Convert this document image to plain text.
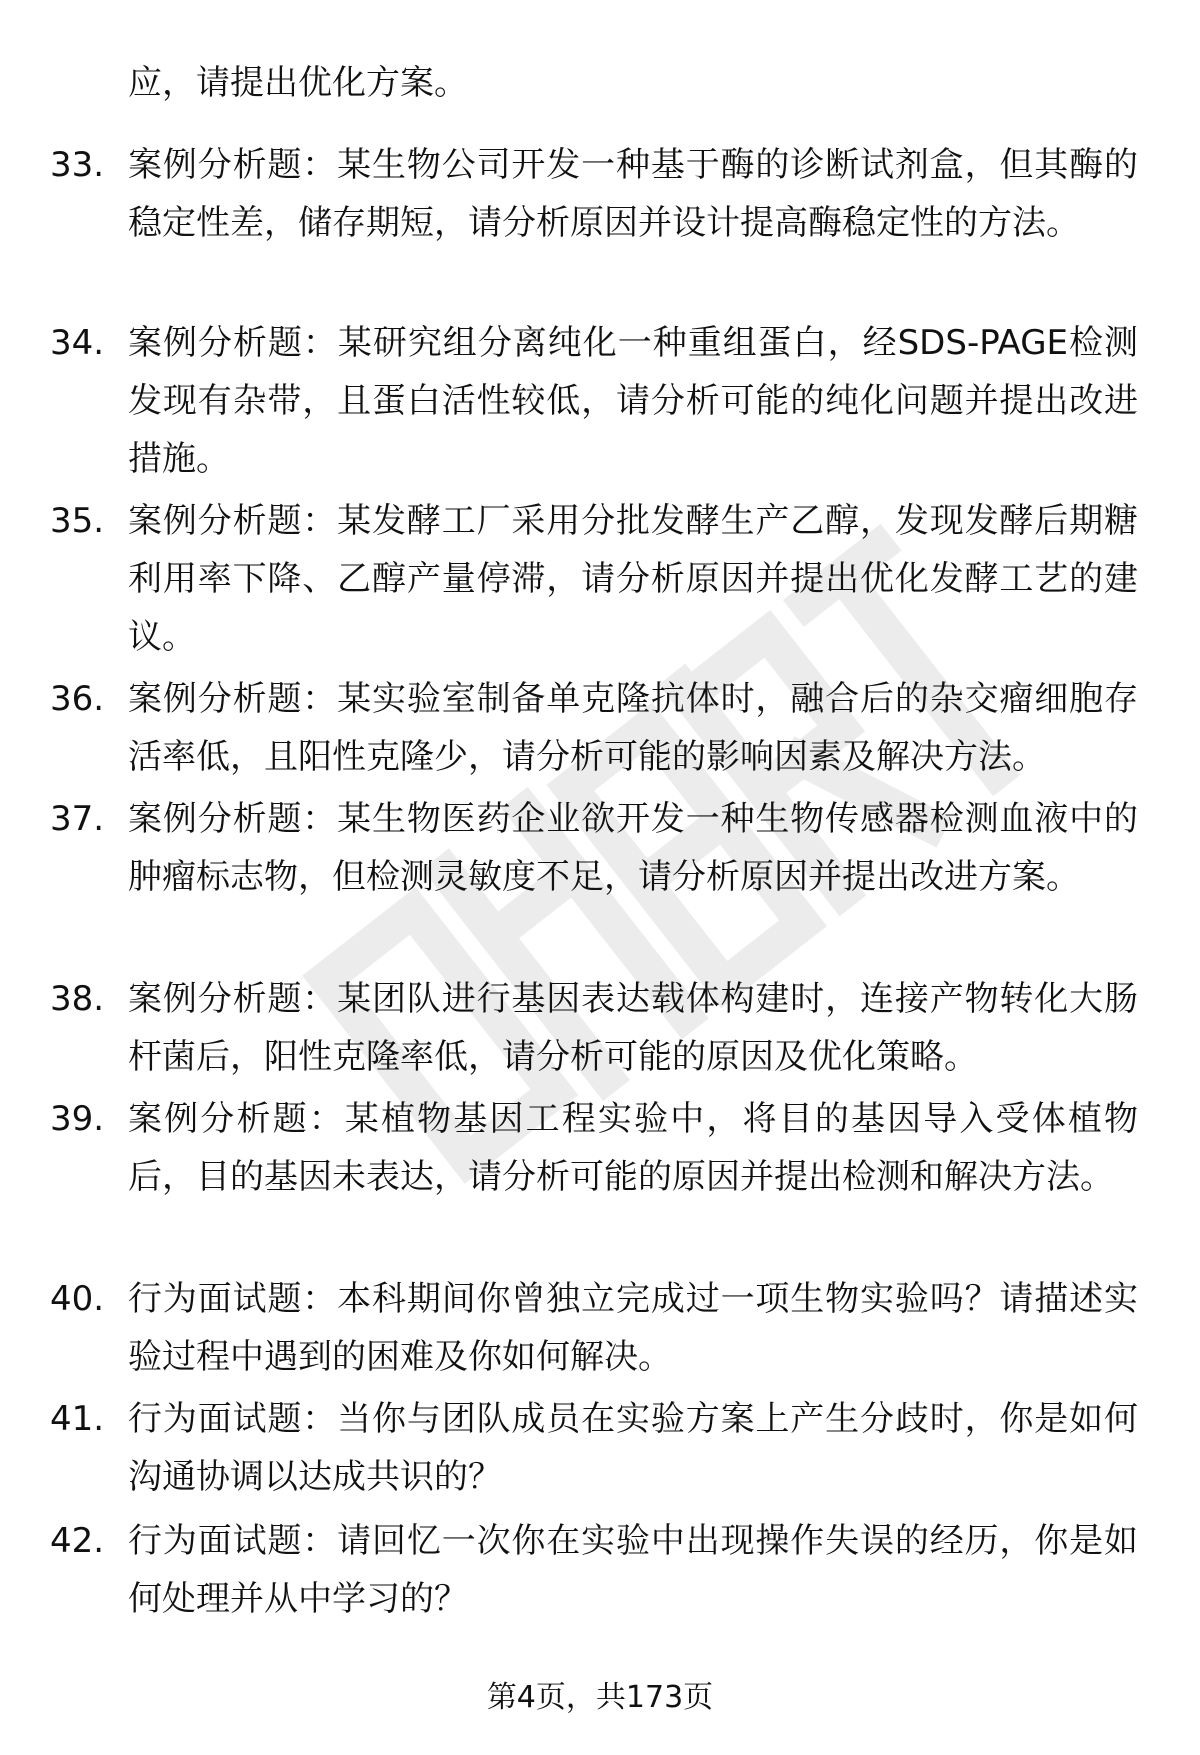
应，请提出优化方案。
33. 案例分析题：某生物公司开发一种基于酶的诊断试剂盒，但其酶的稳定性差，储存期短，请分析原因并设计提高酶稳定性的方法。
34. 案例分析题：某研究组分离纯化一种重组蛋白，经SDS-PAGE检测发现有杂带，且蛋白活性较低，请分析可能的纯化问题并提出改进措施。
35. 案例分析题：某发酵工厂采用分批发酵生产乙醇，发现发酵后期糖利用率下降、乙醇产量停滞，请分析原因并提出优化发酵工艺的建议。
36. 案例分析题：某实验室制备单克隆抗体时，融合后的杂交瘤细胞存活率低，且阳性克隆少，请分析可能的影响因素及解决方法。
37. 案例分析题：某生物医药企业欲开发一种生物传感器检测血液中的肿瘤标志物，但检测灵敏度不足，请分析原因并提出改进方案。
38. 案例分析题：某团队进行基因表达载体构建时，连接产物转化大肠杆菌后，阳性克隆率低，请分析可能的原因及优化策略。
39. 案例分析题：某植物基因工程实验中，将目的基因导入受体植物后，目的基因未表达，请分析可能的原因并提出检测和解决方法。
40. 行为面试题：本科期间你曾独立完成过一项生物实验吗？请描述实验过程中遇到的困难及你如何解决。
41. 行为面试题：当你与团队成员在实验方案上产生分歧时，你是如何沟通协调以达成共识的？
42. 行为面试题：请回忆一次你在实验中出现操作失误的经历，你是如何处理并从中学习的？
第4页，共173页
